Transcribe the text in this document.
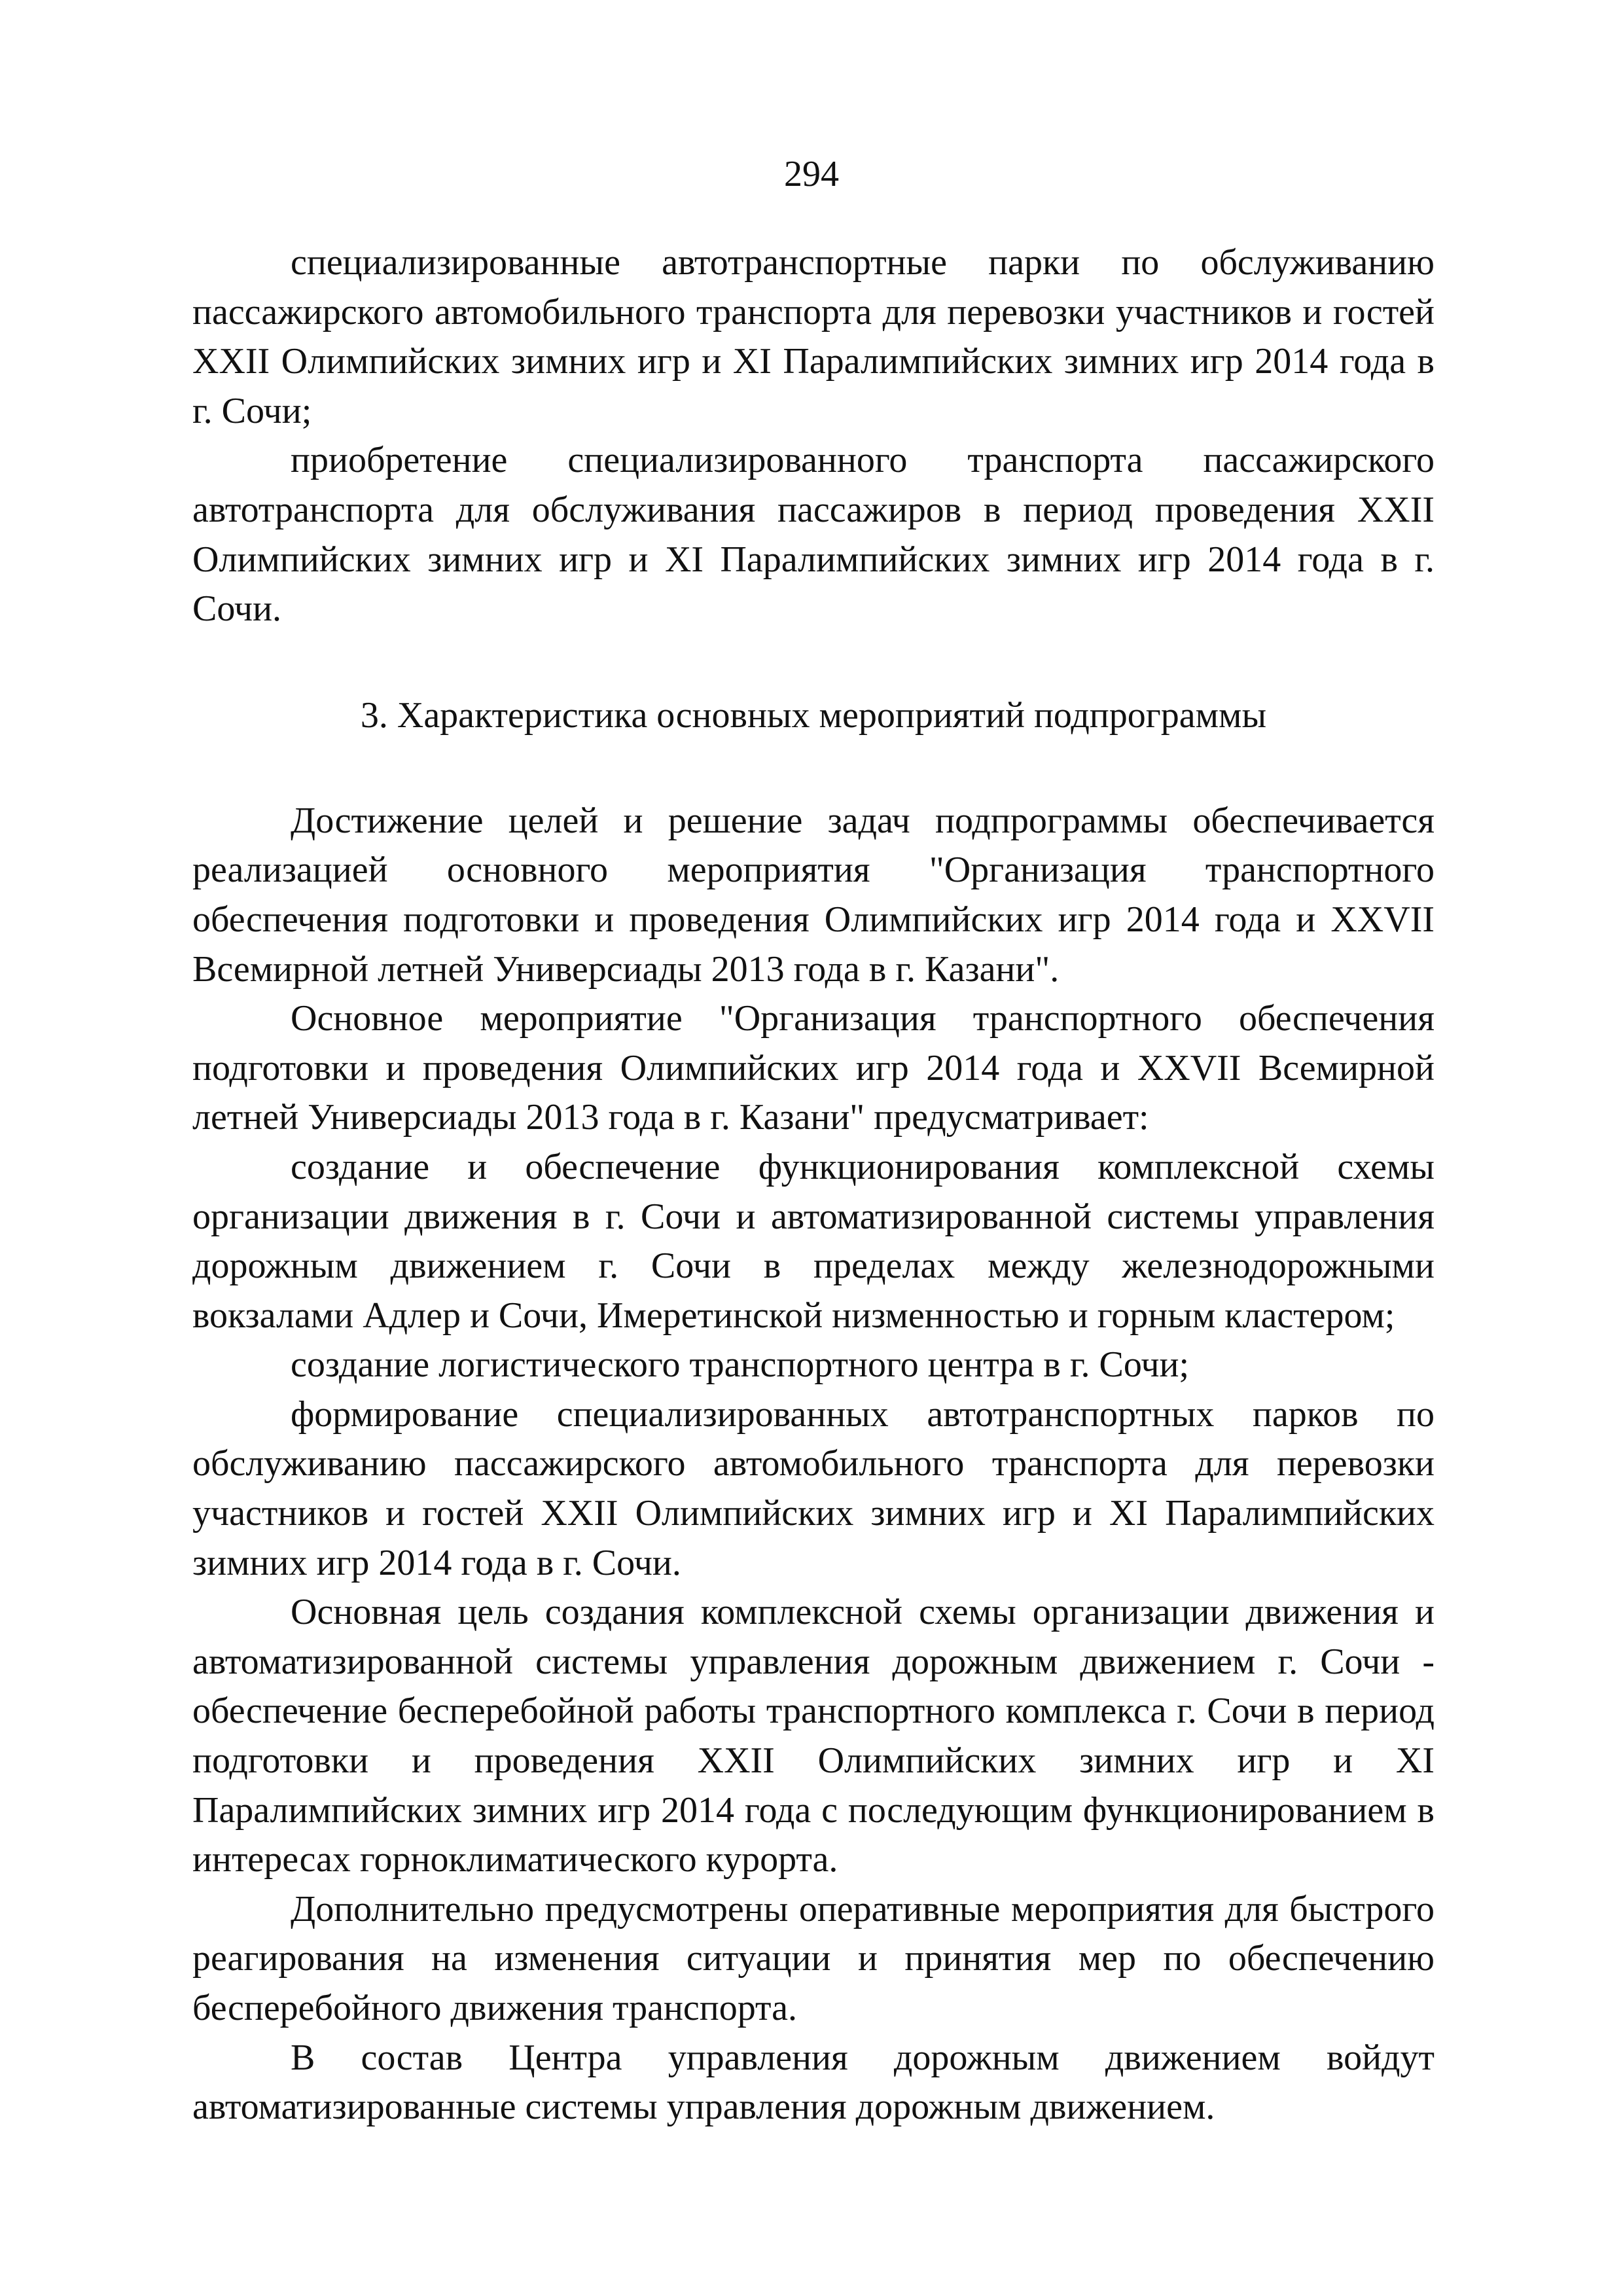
294

специализированные автотранспортные парки по обслуживанию пассажирского автомобильного транспорта для перевозки участников и гостей XXII Олимпийских зимних игр и XI Паралимпийских зимних игр 2014 года в г. Сочи;

приобретение специализированного транспорта пассажирского автотранспорта для обслуживания пассажиров в период проведения XXII Олимпийских зимних игр и XI Паралимпийских зимних игр 2014 года в г. Сочи.

3. Характеристика основных мероприятий подпрограммы

Достижение целей и решение задач подпрограммы обеспечивается реализацией основного мероприятия "Организация транспортного обеспечения подготовки и проведения Олимпийских игр 2014 года и XXVII Всемирной летней Универсиады 2013 года в г. Казани".

Основное мероприятие "Организация транспортного обеспечения подготовки и проведения Олимпийских игр 2014 года и XXVII Всемирной летней Универсиады 2013 года в г. Казани" предусматривает:

создание и обеспечение функционирования комплексной схемы организации движения в г. Сочи и автоматизированной системы управления дорожным движением г. Сочи в пределах между железнодорожными вокзалами Адлер и Сочи, Имеретинской низменностью и горным кластером;

создание логистического транспортного центра в г. Сочи;

формирование специализированных автотранспортных парков по обслуживанию пассажирского автомобильного транспорта для перевозки участников и гостей XXII Олимпийских зимних игр и XI Паралимпийских зимних игр 2014 года в г. Сочи.

Основная цель создания комплексной схемы организации движения и автоматизированной системы управления дорожным движением г. Сочи - обеспечение бесперебойной работы транспортного комплекса г. Сочи в период подготовки и проведения XXII Олимпийских зимних игр и XI Паралимпийских зимних игр 2014 года с последующим функционированием в интересах горноклиматического курорта.

Дополнительно предусмотрены оперативные мероприятия для быстрого реагирования на изменения ситуации и принятия мер по обеспечению бесперебойного движения транспорта.

В состав Центра управления дорожным движением войдут автоматизированные системы управления дорожным движением.
